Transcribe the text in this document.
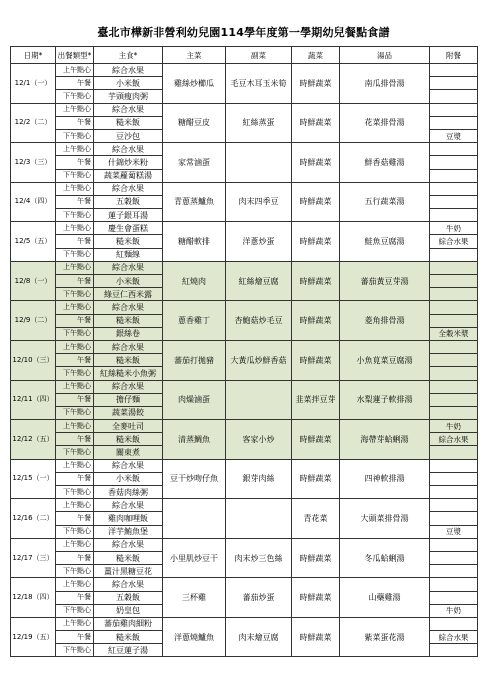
臺北市樺新非營利幼兒園114學年度第一學期幼兒餐點食譜
日期*	出餐類型*	主食*	主菜	副菜	蔬菜	湯品	附餐
12/1（一）	上午點心	綜合水果	雞絲炒櫛瓜	毛豆木耳玉米筍	時鮮蔬菜	南瓜排骨湯	
	午餐	小米飯					
	下午點心	芋頭瘦肉粥					
12/2（二）	上午點心	綜合水果	糖醋豆皮	紅絲蒸蛋	時鮮蔬菜	花菜排骨湯	
	午餐	糙米飯					
	下午點心	豆沙包					豆漿
12/3（三）	上午點心	綜合水果	家常滷蛋		時鮮蔬菜	鮮香菇雞湯	
	午餐	什錦炒米粉					
	下午點心	蔬菜蘿蔔糕湯					
12/4（四）	上午點心	綜合水果	青蔥蒸鱸魚	肉末四季豆	時鮮蔬菜	五行蔬菜湯	
	午餐	五穀飯					
	下午點心	蓮子銀耳湯					
12/5（五）	上午點心	慶生會蛋糕	糖醋軟排	洋蔥炒蛋	時鮮蔬菜	鮭魚豆腐湯	牛奶
	午餐	糙米飯					綜合水果
	下午點心	紅麵線					
12/8（一）	上午點心	綜合水果	紅燒肉	紅絲燴豆腐	時鮮蔬菜	蕃茄黃豆芽湯	
	午餐	小米飯					
	下午點心	綠豆仁西米露					
12/9（二）	上午點心	綜合水果	蔥香雞丁	杏鮑菇炒毛豆	時鮮蔬菜	菱角排骨湯	
	午餐	糙米飯					
	下午點心	銀絲卷					全穀米漿
12/10（三）	上午點心	綜合水果	蕃茄打拋豬	大黃瓜炒鮮香菇	時鮮蔬菜	小魚莧菜豆腐湯	
	午餐	糙米飯					
	下午點心	紅絲糙米小魚粥					
12/11（四）	上午點心	綜合水果	肉燥滷蛋		韭菜拌豆芽	水梨蓮子軟排湯	
	午餐	擔仔麵					
	下午點心	蔬菜湯餃					
12/12（五）	上午點心	全麥吐司	清蒸鯛魚	客家小炒	時鮮蔬菜	海帶芽蛤蜊湯	牛奶
	午餐	糙米飯					綜合水果
	下午點心	關東煮					
12/15（一）	上午點心	綜合水果	豆干炒吻仔魚	銀芽肉絲	時鮮蔬菜	四神軟排湯	
	午餐	小米飯					
	下午點心	香菇肉絲粥					
12/16（二）	上午點心	綜合水果			青花菜	大頭菜排骨湯	
	午餐	雞肉咖哩飯					
	下午點心	洋芋鮪魚堡					豆漿
12/17（三）	上午點心	綜合水果	小里肌炒豆干	肉末炒三色絲	時鮮蔬菜	冬瓜蛤蜊湯	
	午餐	糙米飯					
	下午點心	薑汁黑糖豆花					
12/18（四）	上午點心	綜合水果	三杯雞	蕃茄炒蛋	時鮮蔬菜	山藥雞湯	
	午餐	五穀飯					
	下午點心	奶皇包					牛奶
12/19（五）	上午點心	蕃茄雞肉細粉	洋蔥燒鱸魚	肉末燴豆腐	時鮮蔬菜	紫菜蛋花湯	
	午餐	糙米飯					綜合水果
	下午點心	紅豆蓮子湯					
